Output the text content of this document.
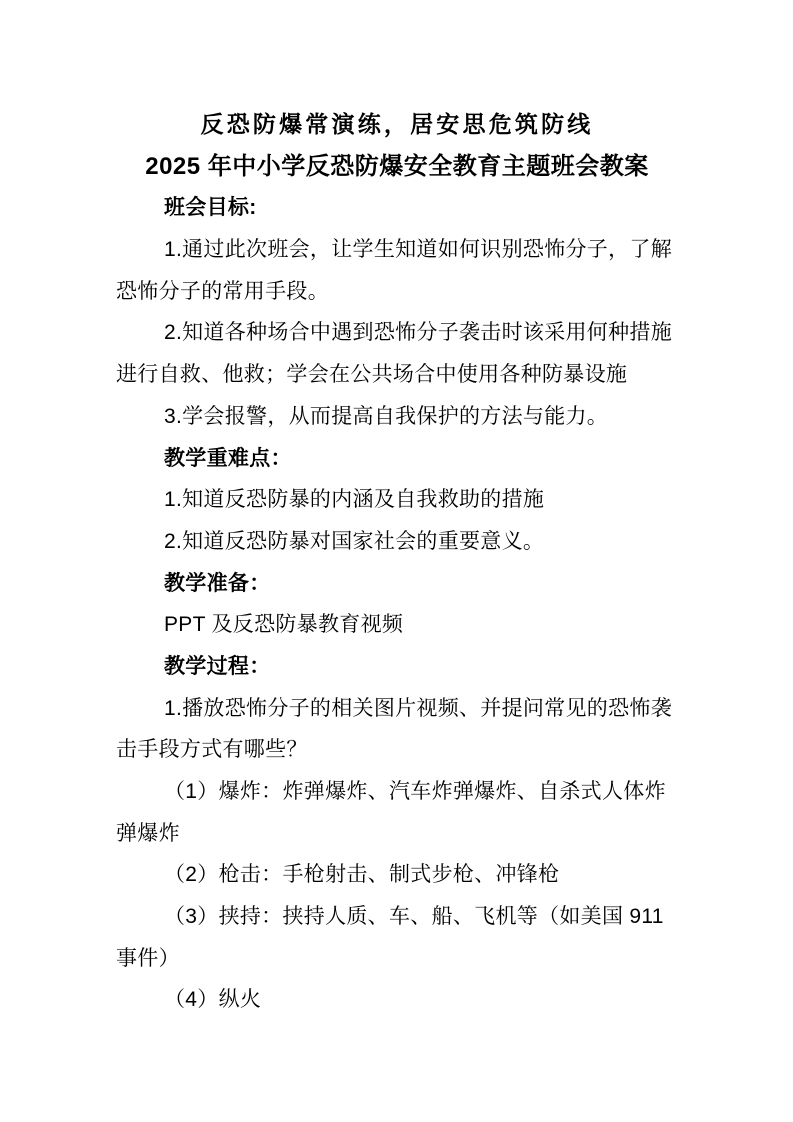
反恐防爆常演练，居安思危筑防线
2025 年中小学反恐防爆安全教育主题班会教案

班会目标:

1.通过此次班会，让学生知道如何识别恐怖分子，了解

恐怖分子的常用手段。

2.知道各种场合中遇到恐怖分子袭击时该采用何种措施

进行自救、他救；学会在公共场合中使用各种防暴设施

3.学会报警，从而提高自我保护的方法与能力。

教学重难点：

1.知道反恐防暴的内涵及自我救助的措施

2.知道反恐防暴对国家社会的重要意义。

教学准备：

PPT 及反恐防暴教育视频

教学过程：

1.播放恐怖分子的相关图片视频、并提问常见的恐怖袭

击手段方式有哪些？

（1）爆炸：炸弹爆炸、汽车炸弹爆炸、自杀式人体炸

弹爆炸

（2）枪击：手枪射击、制式步枪、冲锋枪

（3）挟持：挟持人质、车、船、飞机等（如美国 911

事件）

（4）纵火
